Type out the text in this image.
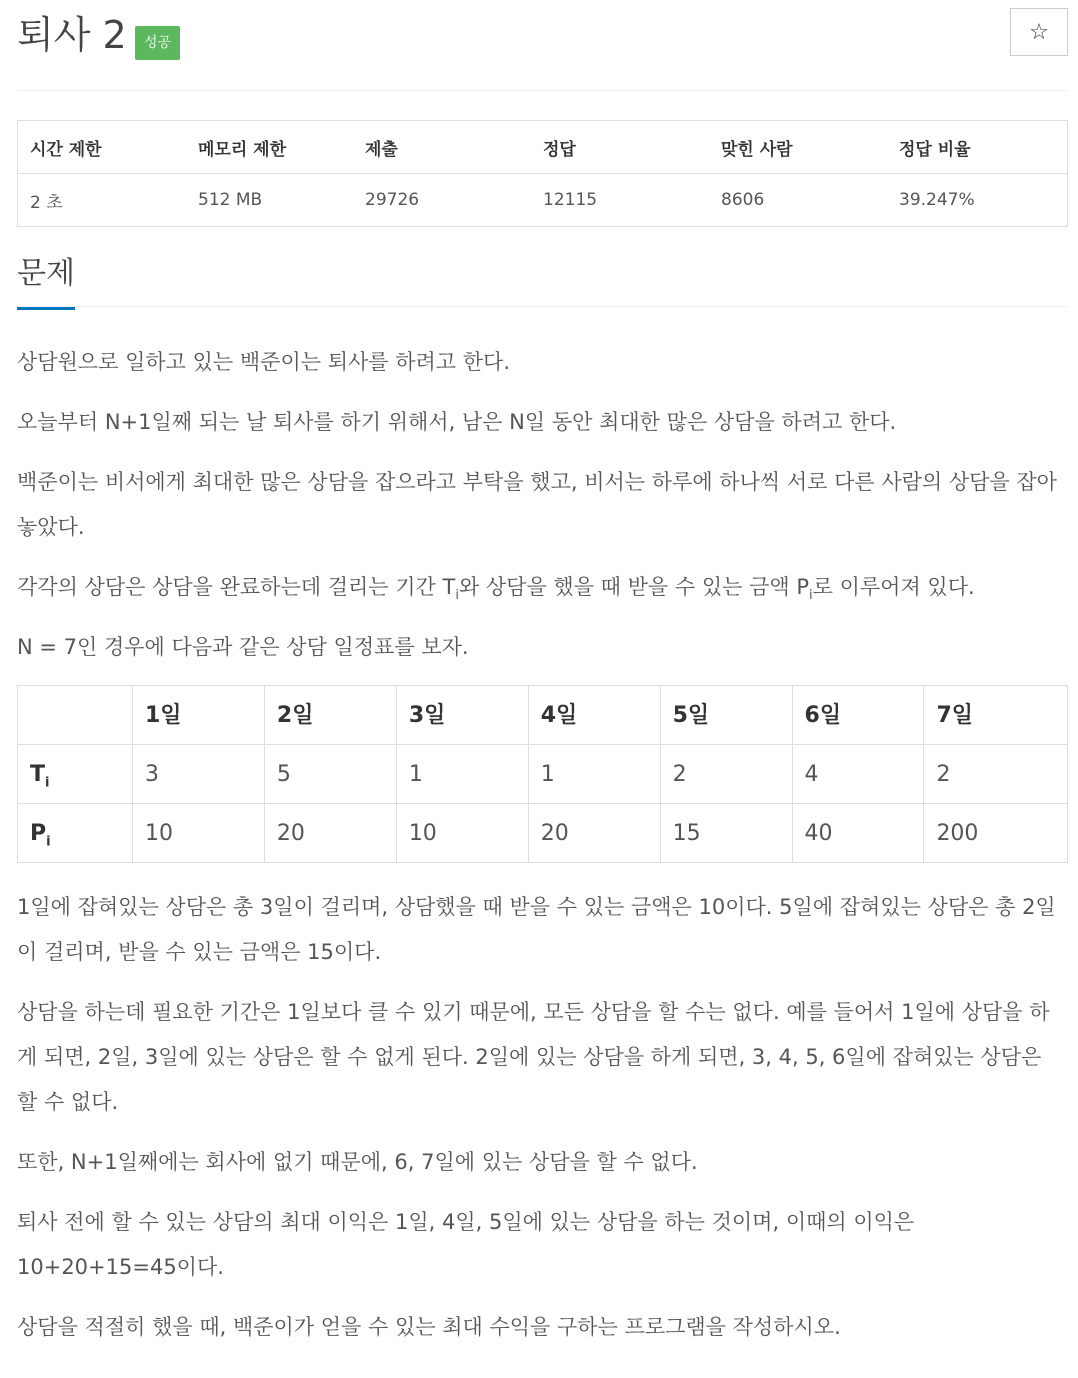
퇴사 2	성공	☆
시간 제한	메모리 제한	제출	정답	맞힌 사람	정답 비율
2 초	512 MB	29726	12115	8606	39.247%
문제

상담원으로 일하고 있는 백준이는 퇴사를 하려고 한다.

오늘부터 N+1일째 되는 날 퇴사를 하기 위해서, 남은 N일 동안 최대한 많은 상담을 하려고 한다.

백준이는 비서에게 최대한 많은 상담을 잡으라고 부탁을 했고, 비서는 하루에 하나씩 서로 다른 사람의 상담을 잡아놓았다.

각각의 상담은 상담을 완료하는데 걸리는 기간 $T_i$와 상담을 했을 때 받을 수 있는 금액 $P_i$로 이루어져 있다.

N = 7인 경우에 다음과 같은 상담 일정표를 보자.

	1일	2일	3일	4일	5일	6일	7일
$T_i$	3	5	1	1	2	4	2
$P_i$	10	20	10	20	15	40	200

1일에 잡혀있는 상담은 총 3일이 걸리며, 상담했을 때 받을 수 있는 금액은 10이다. 5일에 잡혀있는 상담은 총 2일이 걸리며, 받을 수 있는 금액은 15이다.

상담을 하는데 필요한 기간은 1일보다 클 수 있기 때문에, 모든 상담을 할 수는 없다. 예를 들어서 1일에 상담을 하게 되면, 2일, 3일에 있는 상담은 할 수 없게 된다. 2일에 있는 상담을 하게 되면, 3, 4, 5, 6일에 잡혀있는 상담은 할 수 없다.

또한, N+1일째에는 회사에 없기 때문에, 6, 7일에 있는 상담을 할 수 없다.

퇴사 전에 할 수 있는 상담의 최대 이익은 1일, 4일, 5일에 있는 상담을 하는 것이며, 이때의 이익은 10+20+15=45이다.

상담을 적절히 했을 때, 백준이가 얻을 수 있는 최대 수익을 구하는 프로그램을 작성하시오.
